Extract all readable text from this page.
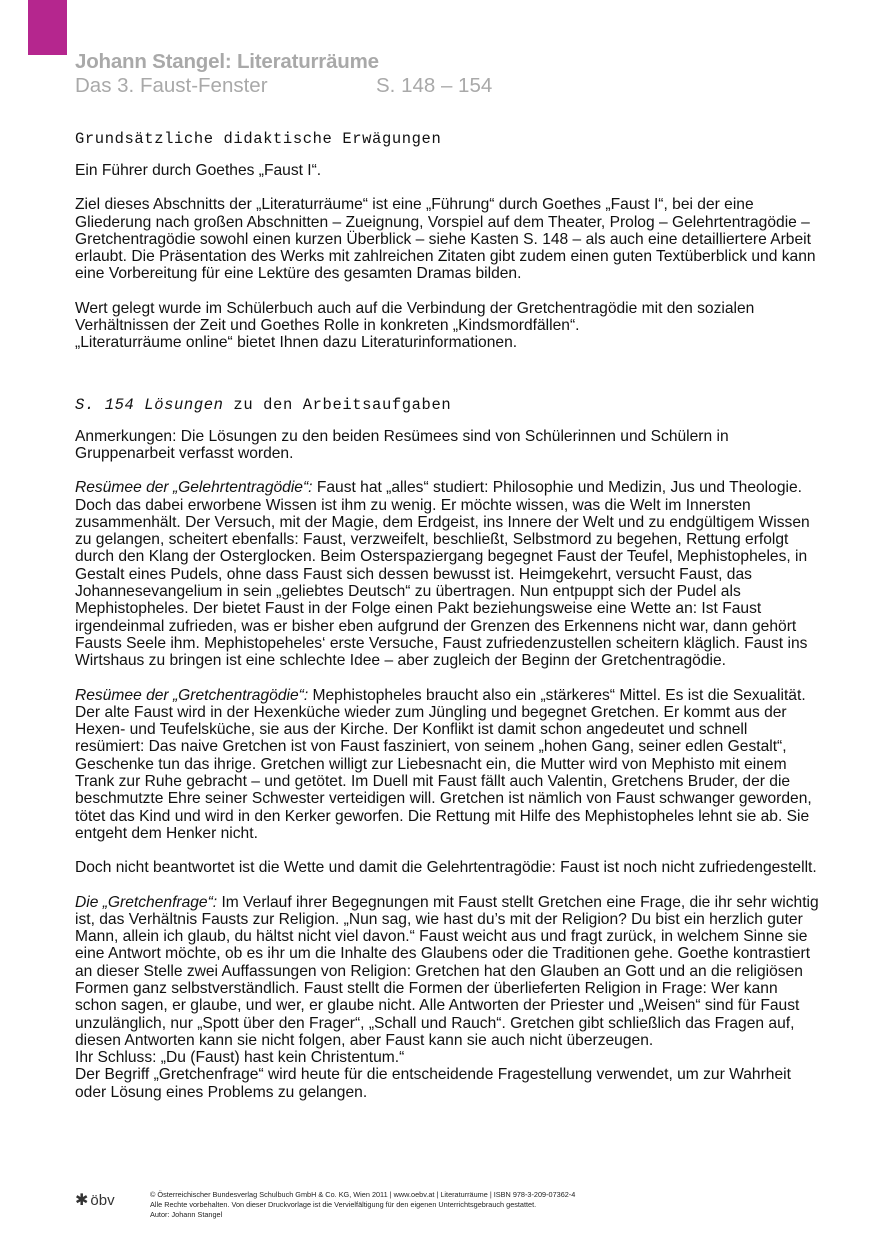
Johann Stangel: Literaturräume
Das 3. Faust-Fenster	S. 148 – 154
Grundsätzliche didaktische Erwägungen

Ein Führer durch Goethes „Faust I“.

Ziel dieses Abschnitts der „Literaturräume“ ist eine „Führung“ durch Goethes „Faust I“, bei der eine Gliederung nach großen Abschnitten – Zueignung, Vorspiel auf dem Theater, Prolog – Gelehrtentragödie – Gretchentragödie sowohl einen kurzen Überblick – siehe Kasten S. 148 – als auch eine detailliertere Arbeit erlaubt. Die Präsentation des Werks mit zahlreichen Zitaten gibt zudem einen guten Textüberblick und kann eine Vorbereitung für eine Lektüre des gesamten Dramas bilden.

Wert gelegt wurde im Schülerbuch auch auf die Verbindung der Gretchentragödie mit den sozialen Verhältnissen der Zeit und Goethes Rolle in konkreten „Kindsmordfällen“.

„Literaturräume online“ bietet Ihnen dazu Literaturinformationen.

S. 154 Lösungen zu den Arbeitsaufgaben

Anmerkungen: Die Lösungen zu den beiden Resümees sind von Schülerinnen und Schülern in Gruppenarbeit verfasst worden.

Resümee der „Gelehrtentragödie“: Faust hat „alles“ studiert: Philosophie und Medizin, Jus und Theologie. Doch das dabei erworbene Wissen ist ihm zu wenig. Er möchte wissen, was die Welt im Innersten zusammenhält. Der Versuch, mit der Magie, dem Erdgeist, ins Innere der Welt und zu endgültigem Wissen zu gelangen, scheitert ebenfalls: Faust, verzweifelt, beschließt, Selbstmord zu begehen, Rettung erfolgt durch den Klang der Osterglocken. Beim Osterspaziergang begegnet Faust der Teufel, Mephistopheles, in Gestalt eines Pudels, ohne dass Faust sich dessen bewusst ist. Heimgekehrt, versucht Faust, das Johannesevangelium in sein „geliebtes Deutsch“ zu übertragen. Nun entpuppt sich der Pudel als Mephistopheles. Der bietet Faust in der Folge einen Pakt beziehungsweise eine Wette an: Ist Faust irgendeinmal zufrieden, was er bisher eben aufgrund der Grenzen des Erkennens nicht war, dann gehört Fausts Seele ihm. Mephistopeheles‘ erste Versuche, Faust zufriedenzustellen scheitern kläglich. Faust ins Wirtshaus zu bringen ist eine schlechte Idee – aber zugleich der Beginn der Gretchentragödie.

Resümee der „Gretchentragödie“: Mephistopheles braucht also ein „stärkeres“ Mittel. Es ist die Sexualität. Der alte Faust wird in der Hexenküche wieder zum Jüngling und begegnet Gretchen. Er kommt aus der Hexen- und Teufelsküche, sie aus der Kirche. Der Konflikt ist damit schon angedeutet und schnell resümiert: Das naive Gretchen ist von Faust fasziniert, von seinem „hohen Gang, seiner edlen Gestalt“, Geschenke tun das ihrige. Gretchen willigt zur Liebesnacht ein, die Mutter wird von Mephisto mit einem Trank zur Ruhe gebracht – und getötet. Im Duell mit Faust fällt auch Valentin, Gretchens Bruder, der die beschmutzte Ehre seiner Schwester verteidigen will. Gretchen ist nämlich von Faust schwanger geworden, tötet das Kind und wird in den Kerker geworfen. Die Rettung mit Hilfe des Mephistopheles lehnt sie ab. Sie entgeht dem Henker nicht.

Doch nicht beantwortet ist die Wette und damit die Gelehrtentragödie: Faust ist noch nicht zufriedengestellt.

Die „Gretchenfrage“: Im Verlauf ihrer Begegnungen mit Faust stellt Gretchen eine Frage, die ihr sehr wichtig ist, das Verhältnis Fausts zur Religion. „Nun sag, wie hast du’s mit der Religion? Du bist ein herzlich guter Mann, allein ich glaub, du hältst nicht viel davon.“ Faust weicht aus und fragt zurück, in welchem Sinne sie eine Antwort möchte, ob es ihr um die Inhalte des Glaubens oder die Traditionen gehe. Goethe kontrastiert an dieser Stelle zwei Auffassungen von Religion: Gretchen hat den Glauben an Gott und an die religiösen Formen ganz selbstverständlich. Faust stellt die Formen der überlieferten Religion in Frage: Wer kann schon sagen, er glaube, und wer, er glaube nicht. Alle Antworten der Priester und „Weisen“ sind für Faust unzulänglich, nur „Spott über den Frager“, „Schall und Rauch“. Gretchen gibt schließlich das Fragen auf, diesen Antworten kann sie nicht folgen, aber Faust kann sie auch nicht überzeugen.

Ihr Schluss: „Du (Faust) hast kein Christentum.“

Der Begriff „Gretchenfrage“ wird heute für die entscheidende Fragestellung verwendet, um zur Wahrheit oder Lösung eines Problems zu gelangen.

✱ öbv	© Österreichischer Bundesverlag Schulbuch GmbH & Co. KG, Wien 2011 | www.oebv.at | Literaturräume | ISBN 978-3-209-07362-4
Alle Rechte vorbehalten. Von dieser Druckvorlage ist die Vervielfältigung für den eigenen Unterrichtsgebrauch gestattet.
Autor: Johann Stangel
